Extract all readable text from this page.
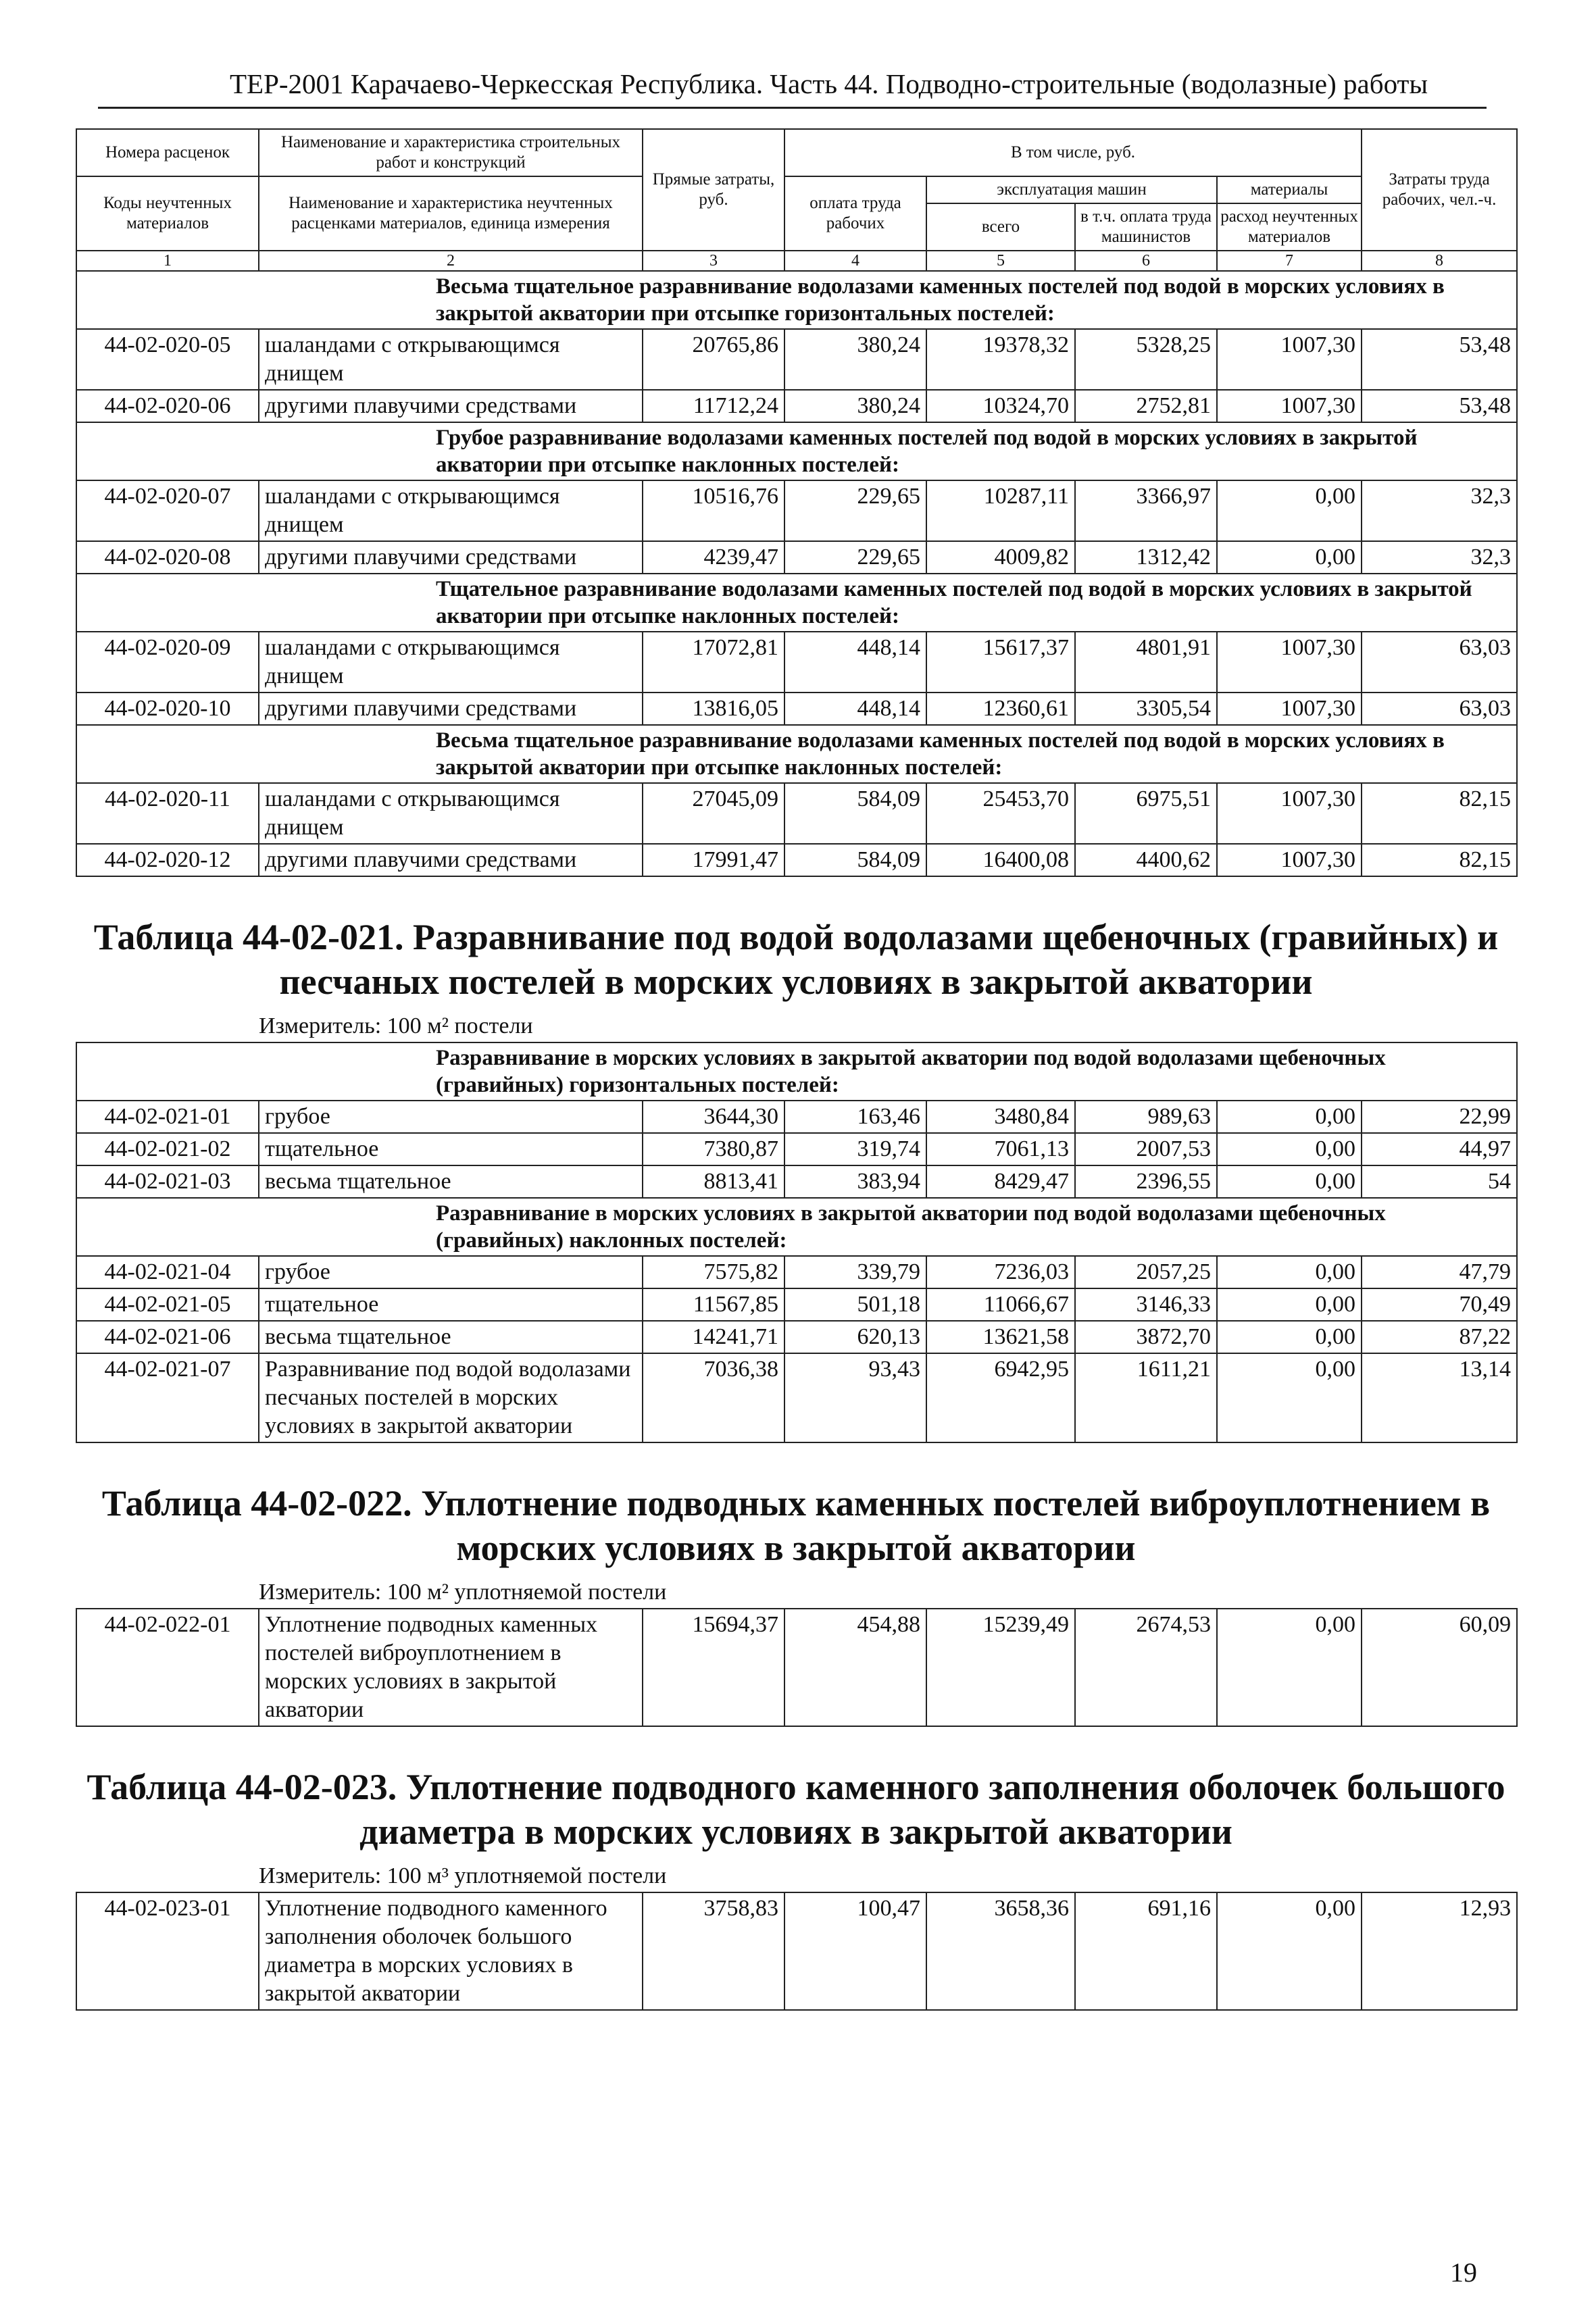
ТЕР-2001 Карачаево-Черкесская Республика. Часть 44. Подводно-строительные (водолазные) работы
Номера расценок	Наименование и характеристика строительных работ и конструкций	Прямые затраты, руб.	В том числе, руб.				Затраты труда рабочих, чел.-ч.
Коды неучтенных материалов	Наименование и характеристика неучтенных расценками материалов, единица измерения		оплата труда рабочих	эксплуатация машин		материалы	
				всего	в т.ч. оплата труда машинистов	расход неучтенных материалов	
1	2	3	4	5	6	7	8
	Весьма тщательное разравнивание водолазами каменных постелей под водой в морских условиях в закрытой акватории при отсыпке горизонтальных постелей:						
44-02-020-05	шаландами с открывающимся днищем	20765,86	380,24	19378,32	5328,25	1007,30	53,48
44-02-020-06	другими плавучими средствами	11712,24	380,24	10324,70	2752,81	1007,30	53,48
	Грубое разравнивание водолазами каменных постелей под водой в морских условиях в закрытой акватории при отсыпке наклонных постелей:						
44-02-020-07	шаландами с открывающимся днищем	10516,76	229,65	10287,11	3366,97	0,00	32,3
44-02-020-08	другими плавучими средствами	4239,47	229,65	4009,82	1312,42	0,00	32,3
	Тщательное разравнивание водолазами каменных постелей под водой в морских условиях в закрытой акватории при отсыпке наклонных постелей:						
44-02-020-09	шаландами с открывающимся днищем	17072,81	448,14	15617,37	4801,91	1007,30	63,03
44-02-020-10	другими плавучими средствами	13816,05	448,14	12360,61	3305,54	1007,30	63,03
	Весьма тщательное разравнивание водолазами каменных постелей под водой в морских условиях в закрытой акватории при отсыпке наклонных постелей:						
44-02-020-11	шаландами с открывающимся днищем	27045,09	584,09	25453,70	6975,51	1007,30	82,15
44-02-020-12	другими плавучими средствами	17991,47	584,09	16400,08	4400,62	1007,30	82,15
Таблица 44-02-021. Разравнивание под водой водолазами щебеночных (гравийных) и песчаных постелей в морских условиях в закрытой акватории
Измеритель: 100 м² постели							
	Разравнивание в морских условиях в закрытой акватории под водой водолазами щебеночных (гравийных) горизонтальных постелей:						
44-02-021-01	грубое	3644,30	163,46	3480,84	989,63	0,00	22,99
44-02-021-02	тщательное	7380,87	319,74	7061,13	2007,53	0,00	44,97
44-02-021-03	весьма тщательное	8813,41	383,94	8429,47	2396,55	0,00	54
	Разравнивание в морских условиях в закрытой акватории под водой водолазами щебеночных (гравийных) наклонных постелей:						
44-02-021-04	грубое	7575,82	339,79	7236,03	2057,25	0,00	47,79
44-02-021-05	тщательное	11567,85	501,18	11066,67	3146,33	0,00	70,49
44-02-021-06	весьма тщательное	14241,71	620,13	13621,58	3872,70	0,00	87,22
44-02-021-07	Разравнивание под водой водолазами песчаных постелей в морских условиях в закрытой акватории	7036,38	93,43	6942,95	1611,21	0,00	13,14
Таблица 44-02-022. Уплотнение подводных каменных постелей виброуплотнением в морских условиях в закрытой акватории
Измеритель: 100 м² уплотняемой постели
44-02-022-01	Уплотнение подводных каменных постелей виброуплотнением в морских условиях в закрытой акватории	15694,37	454,88	15239,49	2674,53	0,00	60,09
Таблица 44-02-023. Уплотнение подводного каменного заполнения оболочек большого диаметра в морских условиях в закрытой акватории
Измеритель: 100 м³ уплотняемой постели
44-02-023-01	Уплотнение подводного каменного заполнения оболочек большого диаметра в морских условиях в закрытой акватории	3758,83	100,47	3658,36	691,16	0,00	12,93
19
